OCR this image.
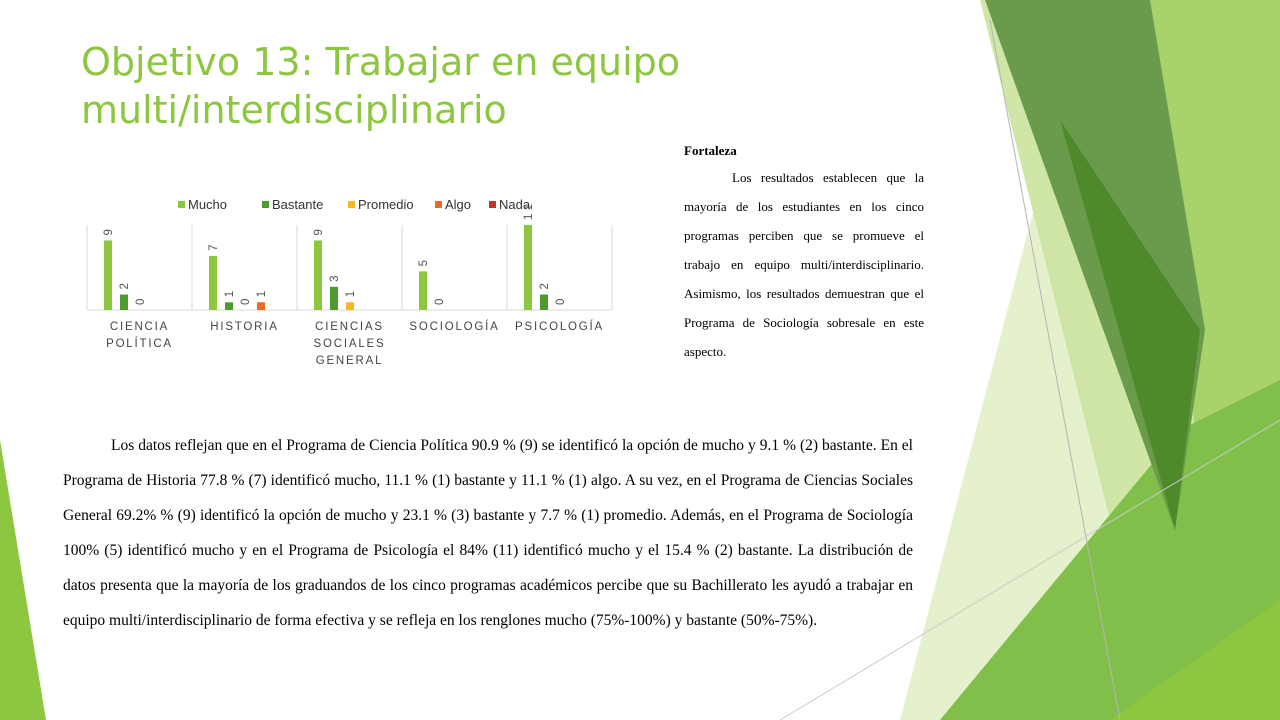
Objetivo 13: Trabajar en equipo
multi/interdisciplinario
Mucho	Bastante	Promedio Algo Nada
9
2
0
CIENCIA
POLÍTICA
7
1
0
1
HISTORIA
9
3
1
CIENCIAS
SOCIALES
GENERAL
5
0
SOCIOLOGÍA
1 1
2
0
PSICOLOGÍA
Fortaleza
Los resultados establecen que la mayoría de los estudiantes en los cinco programas perciben que se promueve el trabajo en equipo multi/interdisciplinario. Asimismo, los resultados demuestran que el Programa de Sociología sobresale en este aspecto.

Los datos reflejan que en el Programa de Ciencia Política 90.9 % (9) se identificó la opción de mucho y 9.1 % (2) bastante. En el Programa de Historia 77.8 % (7) identificó mucho, 11.1 % (1) bastante y 11.1 % (1) algo. A su vez, en el Programa de Ciencias Sociales General 69.2% % (9) identificó la opción de mucho y 23.1 % (3) bastante y 7.7 % (1) promedio. Además, en el Programa de Sociología 100% (5) identificó mucho y en el Programa de Psicología el 84% (11) identificó mucho y el 15.4 % (2) bastante. La distribución de datos presenta que la mayoría de los graduandos de los cinco programas académicos percibe que su Bachillerato les ayudó a trabajar en equipo multi/interdisciplinario de forma efectiva y se refleja en los renglones mucho (75%-100%) y bastante (50%-75%).
